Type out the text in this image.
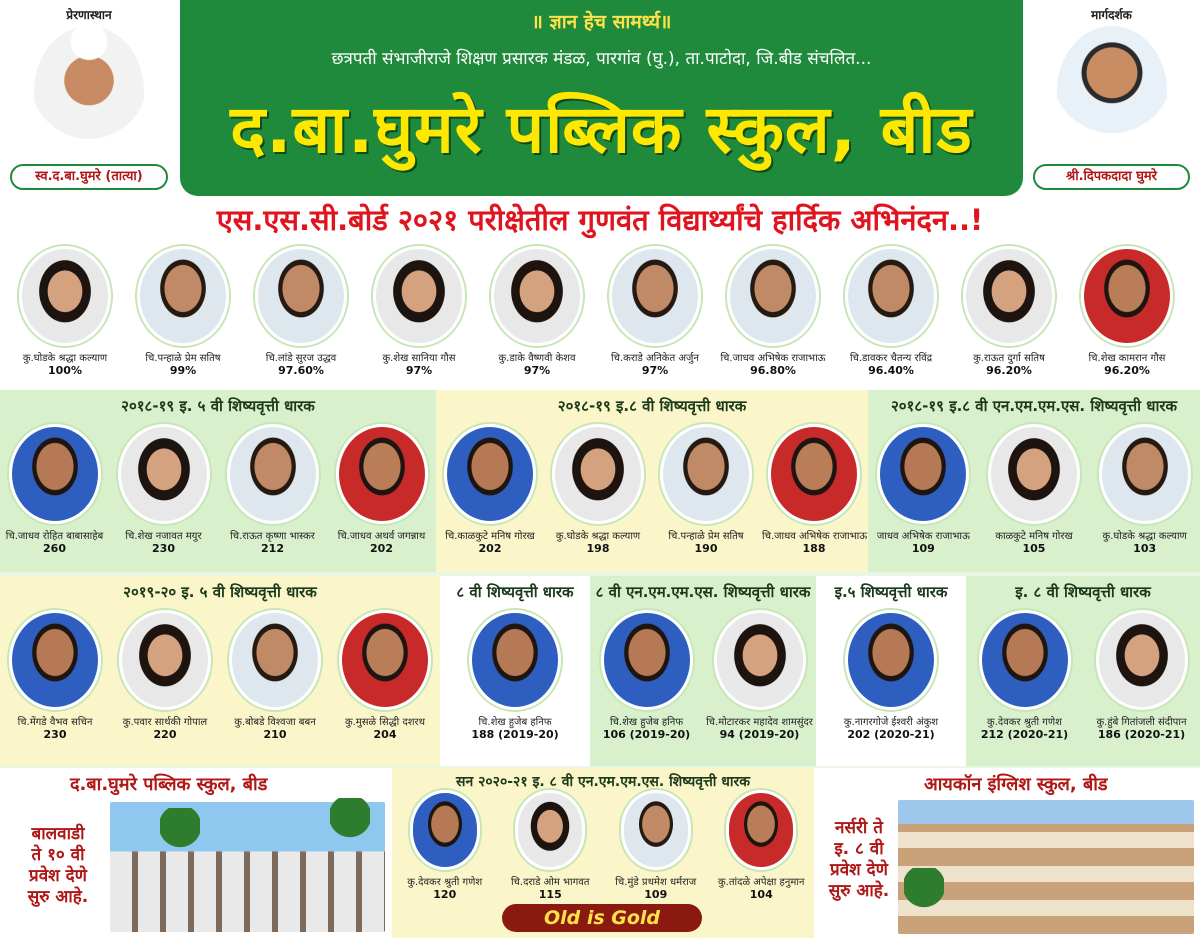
प्रेरणास्थान
स्व.द.बा.घुमरे (तात्या)
॥ ज्ञान हेच सामर्थ्य॥
छत्रपती संभाजीराजे शिक्षण प्रसारक मंडळ, पारगांव (घु.), ता.पाटोदा, जि.बीड संचलित...
द.बा.घुमरे पब्लिक स्कुल, बीड
मार्गदर्शक
श्री.दिपकदादा घुमरे
एस.एस.सी.बोर्ड २०२१ परीक्षेतील गुणवंत विद्यार्थ्यांचे हार्दिक अभिनंदन..!
कु.घोडके श्रद्धा कल्याण
100%
चि.पन्हाळे प्रेम सतिष
99%
चि.लांडे सुरज उद्धव
97.60%
कु.शेख सानिया गौस
97%
कु.डाके वैष्णवी केशव
97%
चि.कराडे अनिकेत अर्जुन
97%
चि.जाधव अभिषेक राजाभाऊ
96.80%
चि.डावकर चैतन्य रविंद्र
96.40%
कु.राऊत दुर्गा सतिष
96.20%
चि.शेख कामरान गौस
96.20%
२०१८-१९ इ. ५ वी शिष्यवृत्ती धारक
चि.जाधव रोहित बाबासाहेब
260
चि.शेख नजावत मयुर
230
चि.राऊत कृष्णा भास्कर
212
चि.जाधव अथर्व जगन्नाथ
202
२०१८-१९ इ.८ वी शिष्यवृत्ती धारक
चि.काळकुटे मनिष गोरख
202
कु.घोडके श्रद्धा कल्याण
198
चि.पन्हाळे प्रेम सतिष
190
चि.जाधव अभिषेक राजाभाऊ
188
२०१८-१९ इ.८ वी एन.एम.एम.एस. शिष्यवृत्ती धारक
जाधव अभिषेक राजाभाऊ
109
काळकुटे मनिष गोरख
105
कु.घोडके श्रद्धा कल्याण
103
२०१९-२० इ. ५ वी शिष्यवृत्ती धारक
चि.मेंगडे वैभव सचिन
230
कु.पवार सार्थकी गोपाल
220
कु.बोबडे विश्वजा बबन
210
कु.मुसळे सिद्धी दशरथ
204
८ वी शिष्यवृत्ती धारक
चि.शेख हुजेब हनिफ
188 (2019-20)
८ वी एन.एम.एम.एस. शिष्यवृत्ती धारक
चि.शेख हुजेब हनिफ
106 (2019-20)
चि.मोटारकर महादेव शामसुंदर
94 (2019-20)
इ.५ शिष्यवृत्ती धारक
कु.नागरगोजे ईश्वरी अंकुश
202 (2020-21)
इ. ८ वी शिष्यवृत्ती धारक
कु.देवकर श्रुती गणेश
212 (2020-21)
कु.हुंबे गितांजली संदीपान
186 (2020-21)
द.बा.घुमरे पब्लिक स्कुल, बीड
बालवाडी
ते १० वी
प्रवेश देणे
सुरु आहे.
सन २०२०-२१ इ. ८ वी एन.एम.एम.एस. शिष्यवृत्ती धारक
Old is Gold
कु.देवकर श्रुती गणेश
120
चि.दराडे ओम भागवत
115
चि.मुंडे प्रथमेश धर्मराज
109
कु.तांदळे अपेक्षा हनुमान
104
आयकॉन इंग्लिश स्कुल, बीड
नर्सरी ते
इ. ८ वी
प्रवेश देणे
सुरु आहे.
